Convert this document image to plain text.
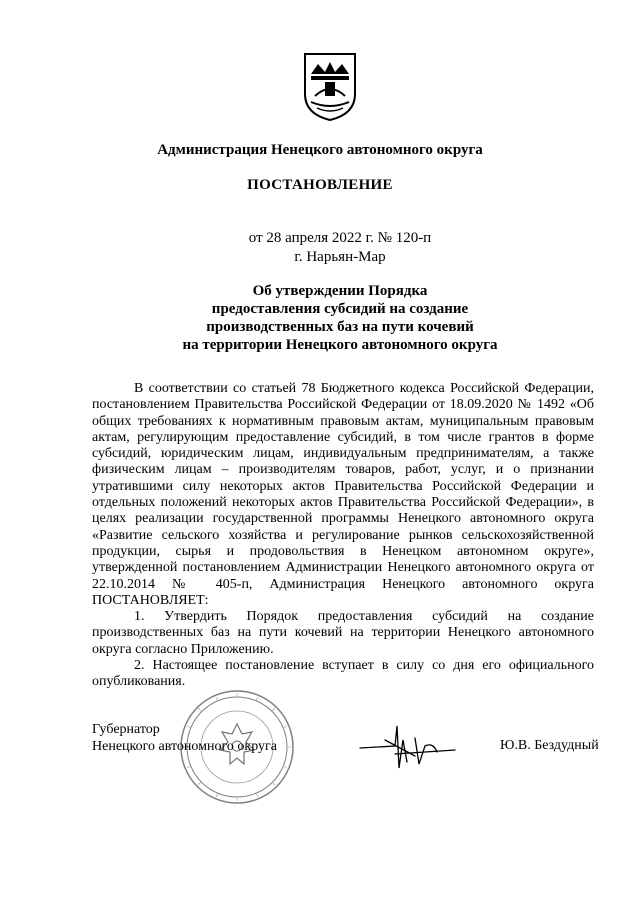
Администрация Ненецкого автономного округа
ПОСТАНОВЛЕНИЕ
от 28 апреля 2022 г. № 120-п
г. Нарьян-Мар
Об утверждении Порядка
предоставления субсидий на создание
производственных баз на пути кочевий
на территории Ненецкого автономного округа

В соответствии со статьей 78 Бюджетного кодекса Российской Федерации, постановлением Правительства Российской Федерации от 18.09.2020 № 1492 «Об общих требованиях к нормативным правовым актам, муниципальным правовым актам, регулирующим предоставление субсидий, в том числе грантов в форме субсидий, юридическим лицам, индивидуальным предпринимателям, а также физическим лицам – производителям товаров, работ, услуг, и о признании утратившими силу некоторых актов Правительства Российской Федерации и отдельных положений некоторых актов Правительства Российской Федерации», в целях реализации государственной программы Ненецкого автономного округа «Развитие сельского хозяйства и регулирование рынков сельскохозяйственной продукции, сырья и продовольствия в Ненецком автономном округе», утвержденной постановлением Администрации Ненецкого автономного округа от 22.10.2014 № 405-п, Администрация Ненецкого автономного округа ПОСТАНОВЛЯЕТ:

1. Утвердить Порядок предоставления субсидий на создание производственных баз на пути кочевий на территории Ненецкого автономного округа согласно Приложению.

2. Настоящее постановление вступает в силу со дня его официального опубликования.

Губернатор
Ненецкого автономного округа	Ю.В. Бездудный
